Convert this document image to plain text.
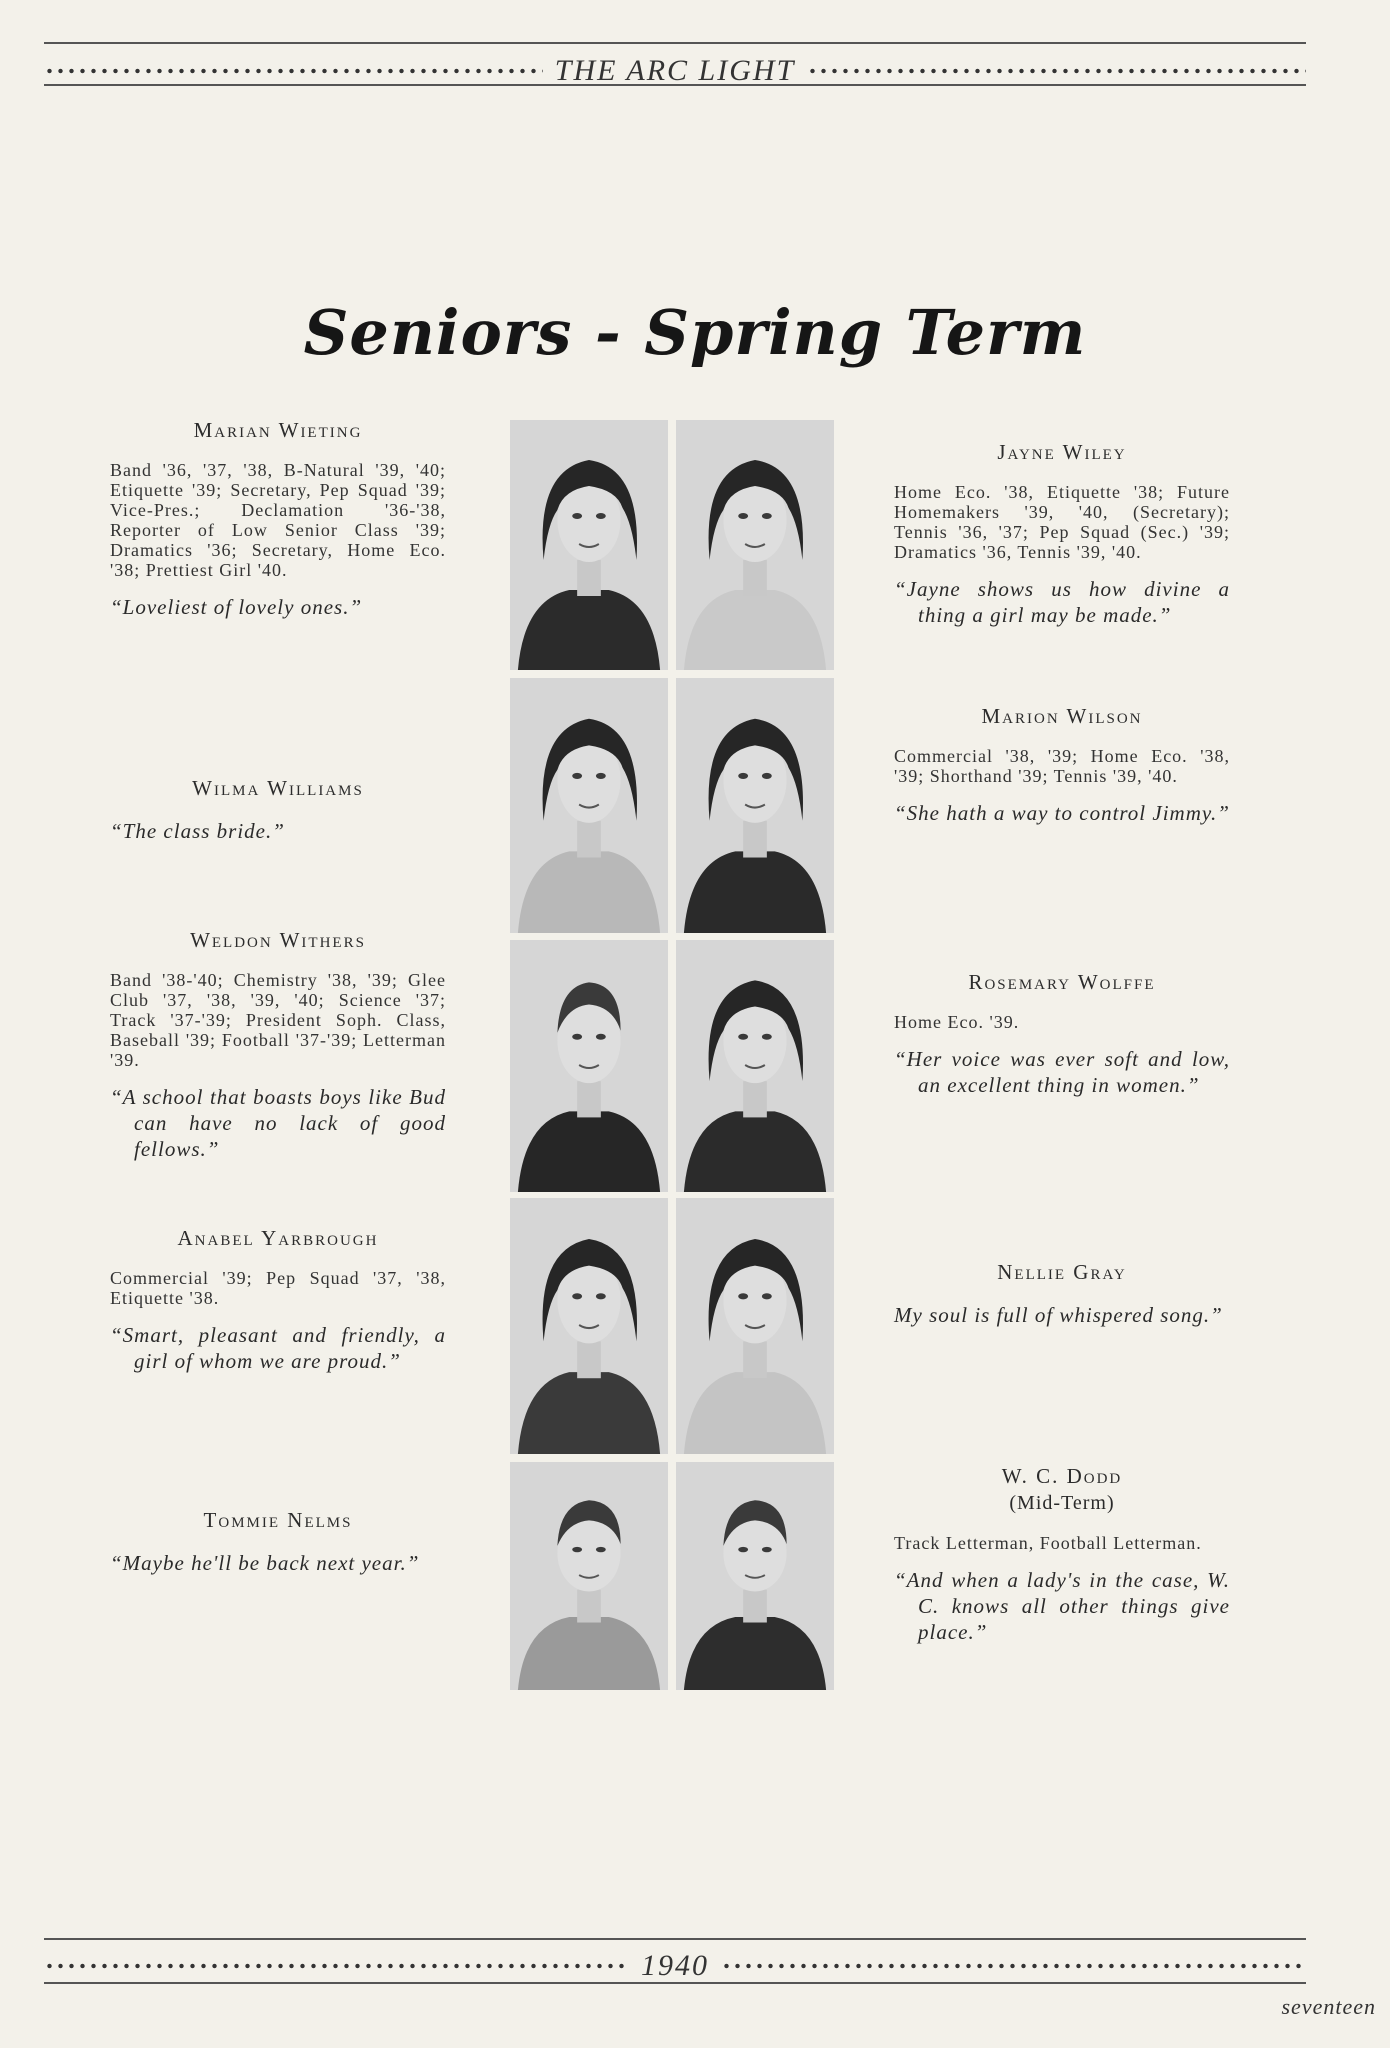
THE ARC LIGHT
Seniors - Spring Term
Marian Wieting

Band '36, '37, '38, B-Natural '39, '40; Etiquette '39; Secretary, Pep Squad '39; Vice-Pres.; Declamation '36-'38, Reporter of Low Senior Class '39; Dramatics '36; Secretary, Home Eco. '38; Prettiest Girl '40.

“Loveliest of lovely ones.”

Wilma Williams

“The class bride.”

Weldon Withers

Band '38-'40; Chemistry '38, '39; Glee Club '37, '38, '39, '40; Science '37; Track '37-'39; President Soph. Class, Baseball '39; Football '37-'39; Letterman '39.

“A school that boasts boys like Bud can have no lack of good fellows.”

Anabel Yarbrough

Commercial '39; Pep Squad '37, '38, Etiquette '38.

“Smart, pleasant and friendly, a girl of whom we are proud.”

Tommie Nelms

“Maybe he'll be back next year.”

Jayne Wiley

Home Eco. '38, Etiquette '38; Future Homemakers '39, '40, (Secretary); Tennis '36, '37; Pep Squad (Sec.) '39; Dramatics '36, Tennis '39, '40.

“Jayne shows us how divine a thing a girl may be made.”

Marion Wilson

Commercial '38, '39; Home Eco. '38, '39; Shorthand '39; Tennis '39, '40.

“She hath a way to control Jimmy.”

Rosemary Wolffe

Home Eco. '39.

“Her voice was ever soft and low, an excellent thing in women.”

Nellie Gray

My soul is full of whispered song.”

W. C. Dodd
(Mid-Term)

Track Letterman, Football Letterman.

“And when a lady's in the case, W. C. knows all other things give place.”

1940
seventeen
